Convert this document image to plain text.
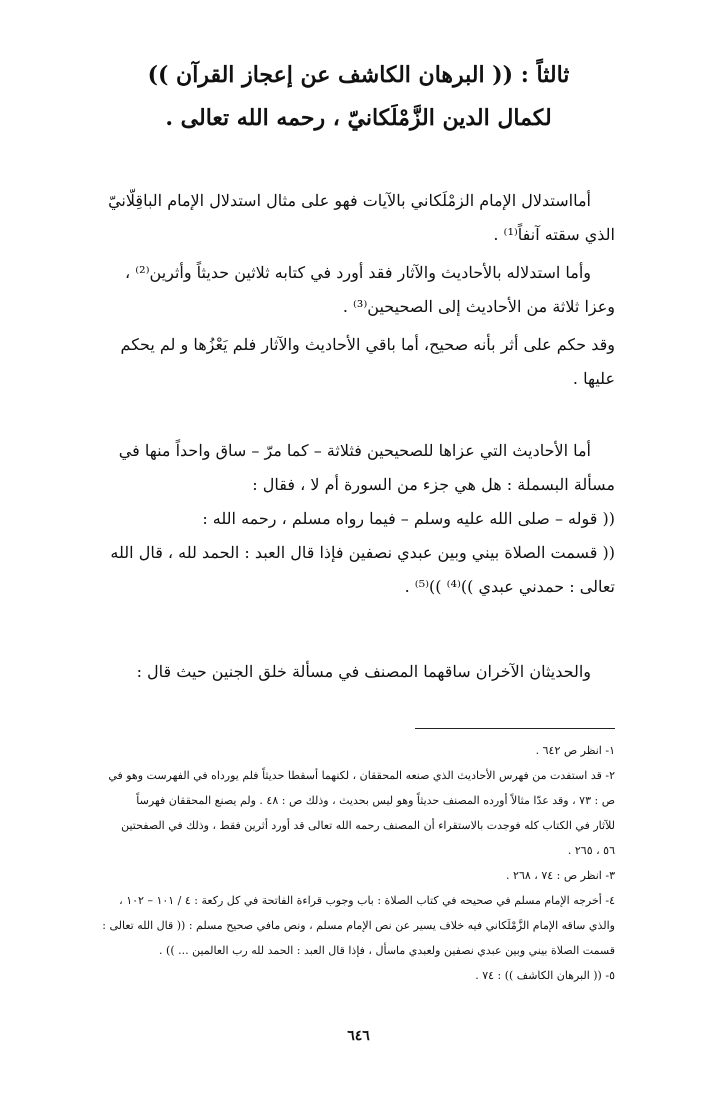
ثالثاً : (( البرهان الكاشف عن إعجاز القرآن ))
لكمال الدين الزَّمْلَكانيّ ، رحمه الله تعالى .
أمااستدلال الإمام الزمْلَكاني بالآيات فهو على مثال استدلال الإمام الباقِلّانيّ
الذي سقته آنفاً⁽¹⁾ .
وأما استدلاله بالأحاديث والآثار فقد أورد في كتابه ثلاثين حديثاً وأثرين⁽²⁾ ،
وعزا ثلاثة من الأحاديث إلى الصحيحين⁽³⁾ .
وقد حكم على أثر بأنه صحيح، أما باقي الأحاديث والآثار فلم يَعْزُها و لم يحكم
عليها .
أما الأحاديث التي عزاها للصحيحين فثلاثة – كما مرّ – ساق واحداً منها في
مسألة البسملة : هل هي جزء من السورة أم لا ، فقال :
(( قوله – صلى الله عليه وسلم – فيما رواه مسلم ، رحمه الله :
(( قسمت الصلاة بيني وبين عبدي نصفين فإذا قال العبد : الحمد لله ، قال الله
تعالى : حمدني عبدي ))⁽⁴⁾ ))⁽⁵⁾ .
والحديثان الآخران ساقهما المصنف في مسألة خلق الجنين حيث قال :
١- انظر ص ٦٤٢ .
٢- قد استفدت من فهرس الأحاديث الذي صنعه المحققان ، لكنهما أسقطا حديثاً فلم يورداه في الفهرست وهو في
ص : ٧٣ ، وقد عدّا مثالاً أورده المصنف حديثاً وهو ليس بحديث ، وذلك ص : ٤٨ . ولم يصنع المحققان فهرساً
للآثار في الكتاب كله فوجدت بالاستقراء أن المصنف رحمه الله تعالى قد أورد أثرين فقط ، وذلك في الصفحتين
٥٦ ، ٢٦٥ .
٣- انظر ص : ٧٤ ، ٢٦٨ .
٤- أخرجه الإمام مسلم في صحيحه في كتاب الصلاة : باب وجوب قراءة الفاتحة في كل ركعة : ٤ / ١٠١ – ١٠٢ ،
والذي ساقه الإمام الزَّمْلَكاني فيه خلاف يسير عن نص الإمام مسلم ، ونص مافي صحيح مسلم : (( قال الله تعالى :
قسمت الصلاة بيني وبين عبدي نصفين ولعبدي ماسأل ، فإذا قال العبد : الحمد لله رب العالمين ... )) .
٥- (( البرهان الكاشف )) : ٧٤ .
٦٤٦
